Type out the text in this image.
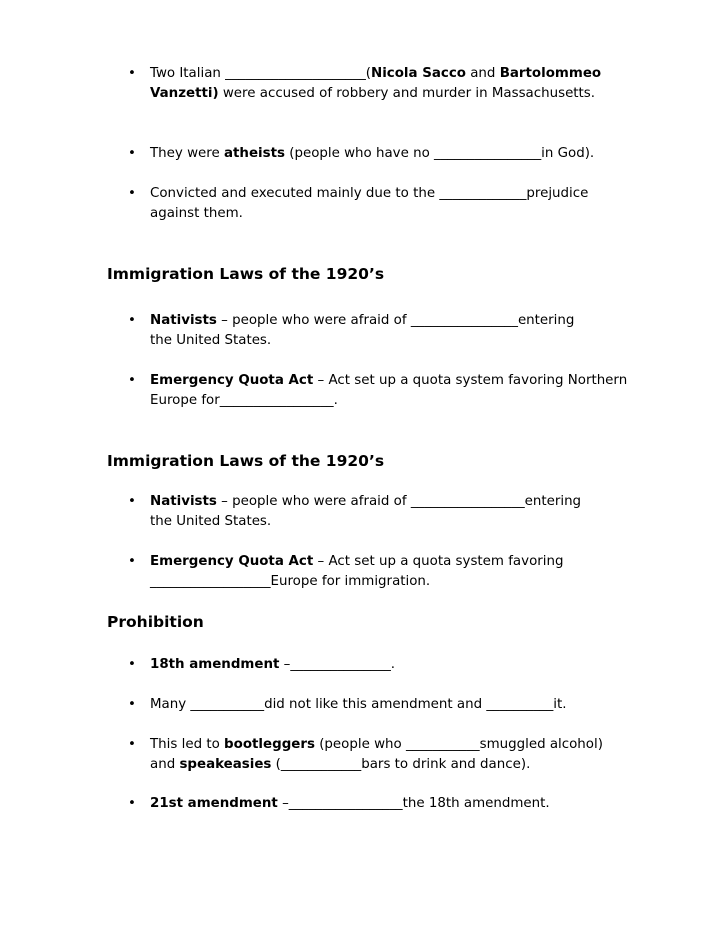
• Two Italian _____________________(Nicola Sacco and Bartolommeo Vanzetti) were accused of robbery and murder in Massachusetts.
• They were atheists (people who have no ________________in God).
• Convicted and executed mainly due to the _____________prejudice
against them.
Immigration Laws of the 1920’s
• Nativists – people who were afraid of ________________entering
the United States.
• Emergency Quota Act – Act set up a quota system favoring Northern
Europe for_________________.
Immigration Laws of the 1920’s
• Nativists – people who were afraid of _________________entering
the United States.
• Emergency Quota Act – Act set up a quota system favoring
__________________Europe for immigration.
Prohibition
• 18th amendment –_______________.
• Many ___________did not like this amendment and __________it.
• This led to bootleggers (people who ___________smuggled alcohol)
and speakeasies (____________bars to drink and dance).
• 21st amendment –_________________the 18th amendment.
